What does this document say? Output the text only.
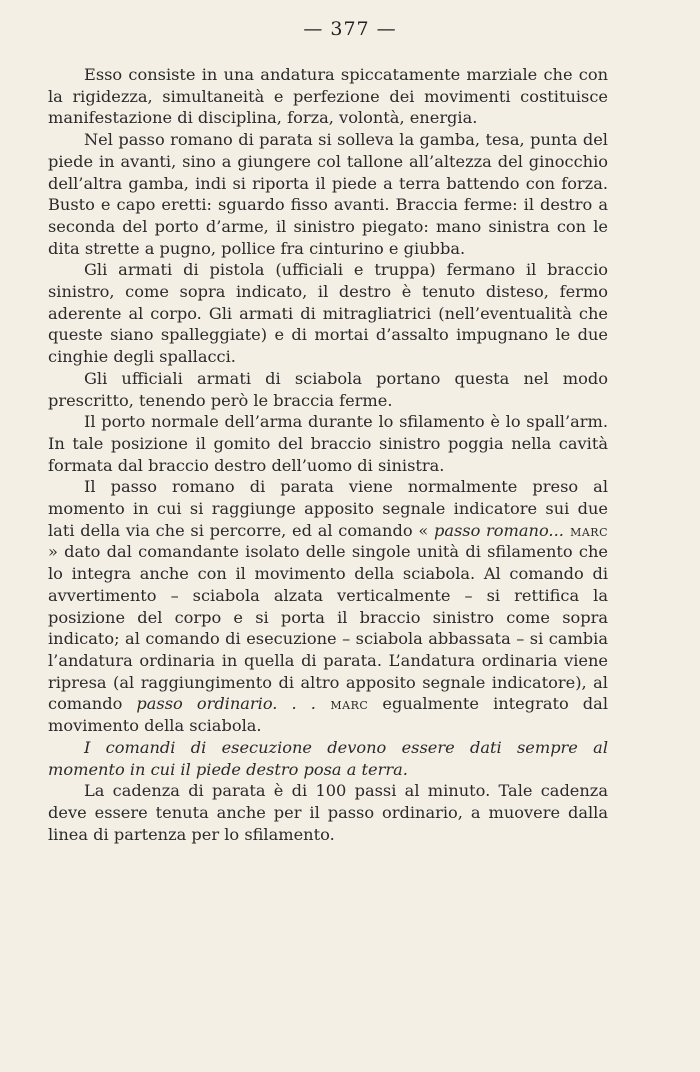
— 377 —

Esso consiste in una andatura spiccatamente marziale che con la rigidezza, simultaneità e perfezione dei movimenti costituisce manifestazione di disciplina, forza, volontà, energia.

Nel passo romano di parata si solleva la gamba, tesa, punta del piede in avanti, sino a giungere col tallone all’altezza del ginocchio dell’altra gamba, indi si riporta il piede a terra battendo con forza. Busto e capo eretti: sguardo fisso avanti. Braccia ferme: il destro a seconda del porto d’arme, il sinistro piegato: mano sinistra con le dita strette a pugno, pollice fra cinturino e giubba.

Gli armati di pistola (ufficiali e truppa) fermano il braccio sinistro, come sopra indicato, il destro è tenuto disteso, fermo aderente al corpo. Gli armati di mitragliatrici (nell’eventualità che queste siano spalleggiate) e di mortai d’assalto impugnano le due cinghie degli spallacci.

Gli ufficiali armati di sciabola portano questa nel modo prescritto, tenendo però le braccia ferme.

Il porto normale dell’arma durante lo sfilamento è lo spall’arm. In tale posizione il gomito del braccio sinistro poggia nella cavità formata dal braccio destro dell’uomo di sinistra.

Il passo romano di parata viene normalmente preso al momento in cui si raggiunge apposito segnale indicatore sui due lati della via che si percorre, ed al comando « passo romano... marc » dato dal comandante isolato delle singole unità di sfilamento che lo integra anche con il movimento della sciabola. Al comando di avvertimento – sciabola alzata verticalmente – si rettifica la posizione del corpo e si porta il braccio sinistro come sopra indicato; al comando di esecuzione – sciabola abbassata – si cambia l’andatura ordinaria in quella di parata. L’andatura ordinaria viene ripresa (al raggiungimento di altro apposito segnale indicatore), al comando passo ordinario. . . marc egualmente integrato dal movimento della sciabola.

I comandi di esecuzione devono essere dati sempre al momento in cui il piede destro posa a terra.

La cadenza di parata è di 100 passi al minuto. Tale cadenza deve essere tenuta anche per il passo ordinario, a muovere dalla linea di partenza per lo sfilamento.
